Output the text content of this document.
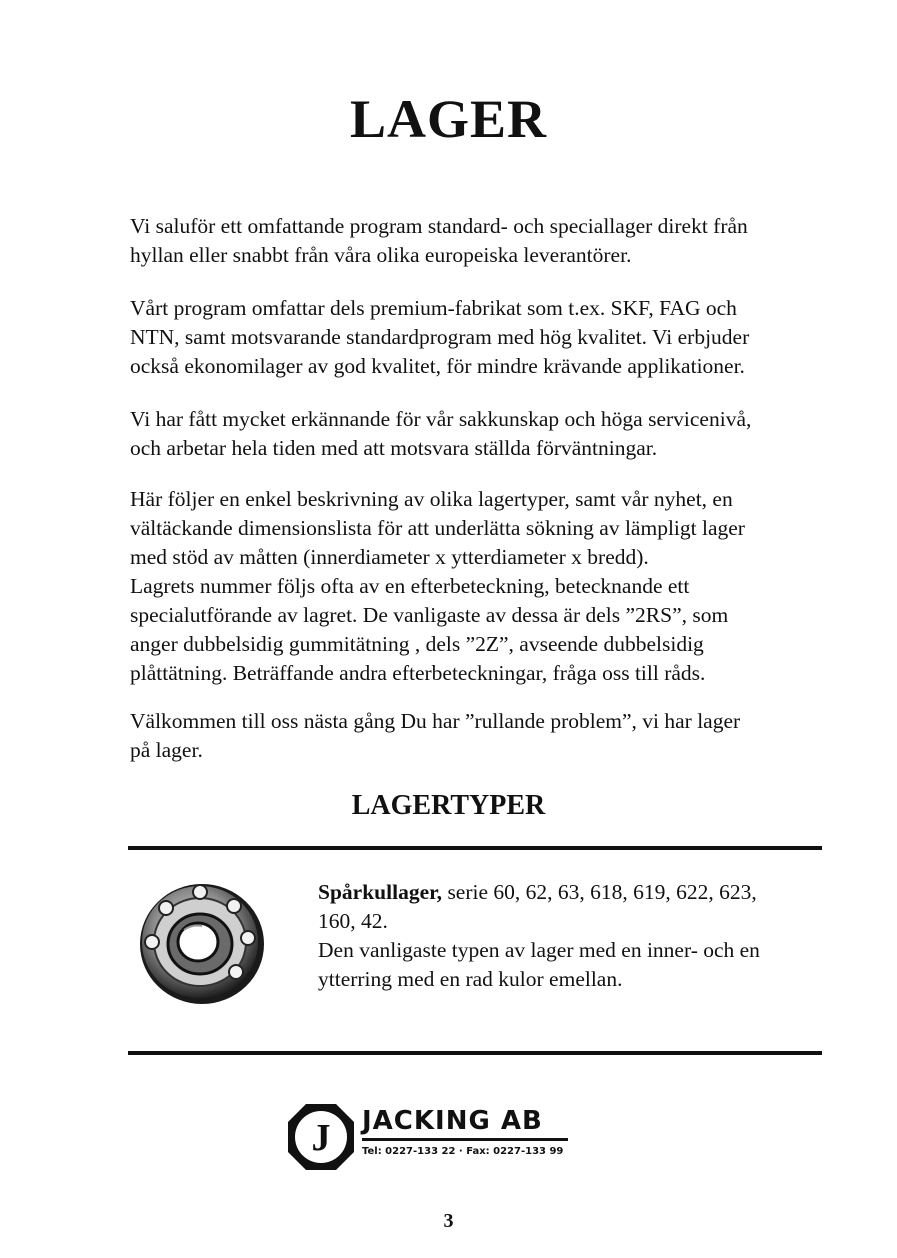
LAGER

Vi saluför ett omfattande program standard- och speciallager direkt från
hyllan eller snabbt från våra olika europeiska leverantörer.

Vårt program omfattar dels premium-fabrikat som t.ex. SKF, FAG och
NTN, samt motsvarande standardprogram med hög kvalitet. Vi erbjuder
också ekonomilager av god kvalitet, för mindre krävande applikationer.

Vi har fått mycket erkännande för vår sakkunskap och höga servicenivå,
och arbetar hela tiden med att motsvara ställda förväntningar.

Här följer en enkel beskrivning av olika lagertyper, samt vår nyhet, en
vältäckande dimensionslista för att underlätta sökning av lämpligt lager
med stöd av måtten (innerdiameter x ytterdiameter x bredd).
Lagrets nummer följs ofta av en efterbeteckning, betecknande ett
specialutförande av lagret. De vanligaste av dessa är dels ”2RS”, som
anger dubbelsidig gummitätning , dels ”2Z”, avseende dubbelsidig
plåttätning. Beträffande andra efterbeteckningar, fråga oss till råds.

Välkommen till oss nästa gång Du har ”rullande problem”, vi har lager
på lager.

LAGERTYPER
Spårkullager, serie 60, 62, 63, 618, 619, 622, 623,
160, 42.
Den vanligaste typen av lager med en inner- och en
ytterring med en rad kulor emellan.
J JACKING AB
Tel: 0227-133 22 · Fax: 0227-133 99
3
